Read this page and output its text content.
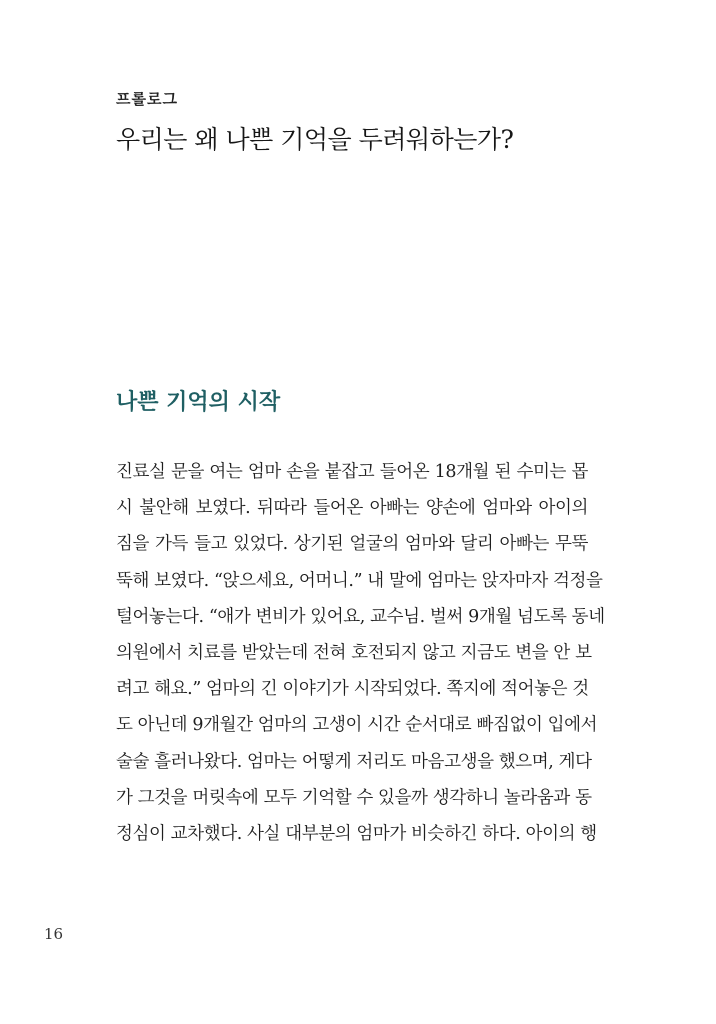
프롤로그
우리는 왜 나쁜 기억을 두려워하는가?
나쁜 기억의 시작
진료실 문을 여는 엄마 손을 붙잡고 들어온 18개월 된 수미는 몹
시 불안해 보였다. 뒤따라 들어온 아빠는 양손에 엄마와 아이의
짐을 가득 들고 있었다. 상기된 얼굴의 엄마와 달리 아빠는 무뚝
뚝해 보였다. “앉으세요, 어머니.” 내 말에 엄마는 앉자마자 걱정을
털어놓는다. “애가 변비가 있어요, 교수님. 벌써 9개월 넘도록 동네
의원에서 치료를 받았는데 전혀 호전되지 않고 지금도 변을 안 보
려고 해요.” 엄마의 긴 이야기가 시작되었다. 쪽지에 적어놓은 것
도 아닌데 9개월간 엄마의 고생이 시간 순서대로 빠짐없이 입에서
술술 흘러나왔다. 엄마는 어떻게 저리도 마음고생을 했으며, 게다
가 그것을 머릿속에 모두 기억할 수 있을까 생각하니 놀라움과 동
정심이 교차했다. 사실 대부분의 엄마가 비슷하긴 하다. 아이의 행
16
